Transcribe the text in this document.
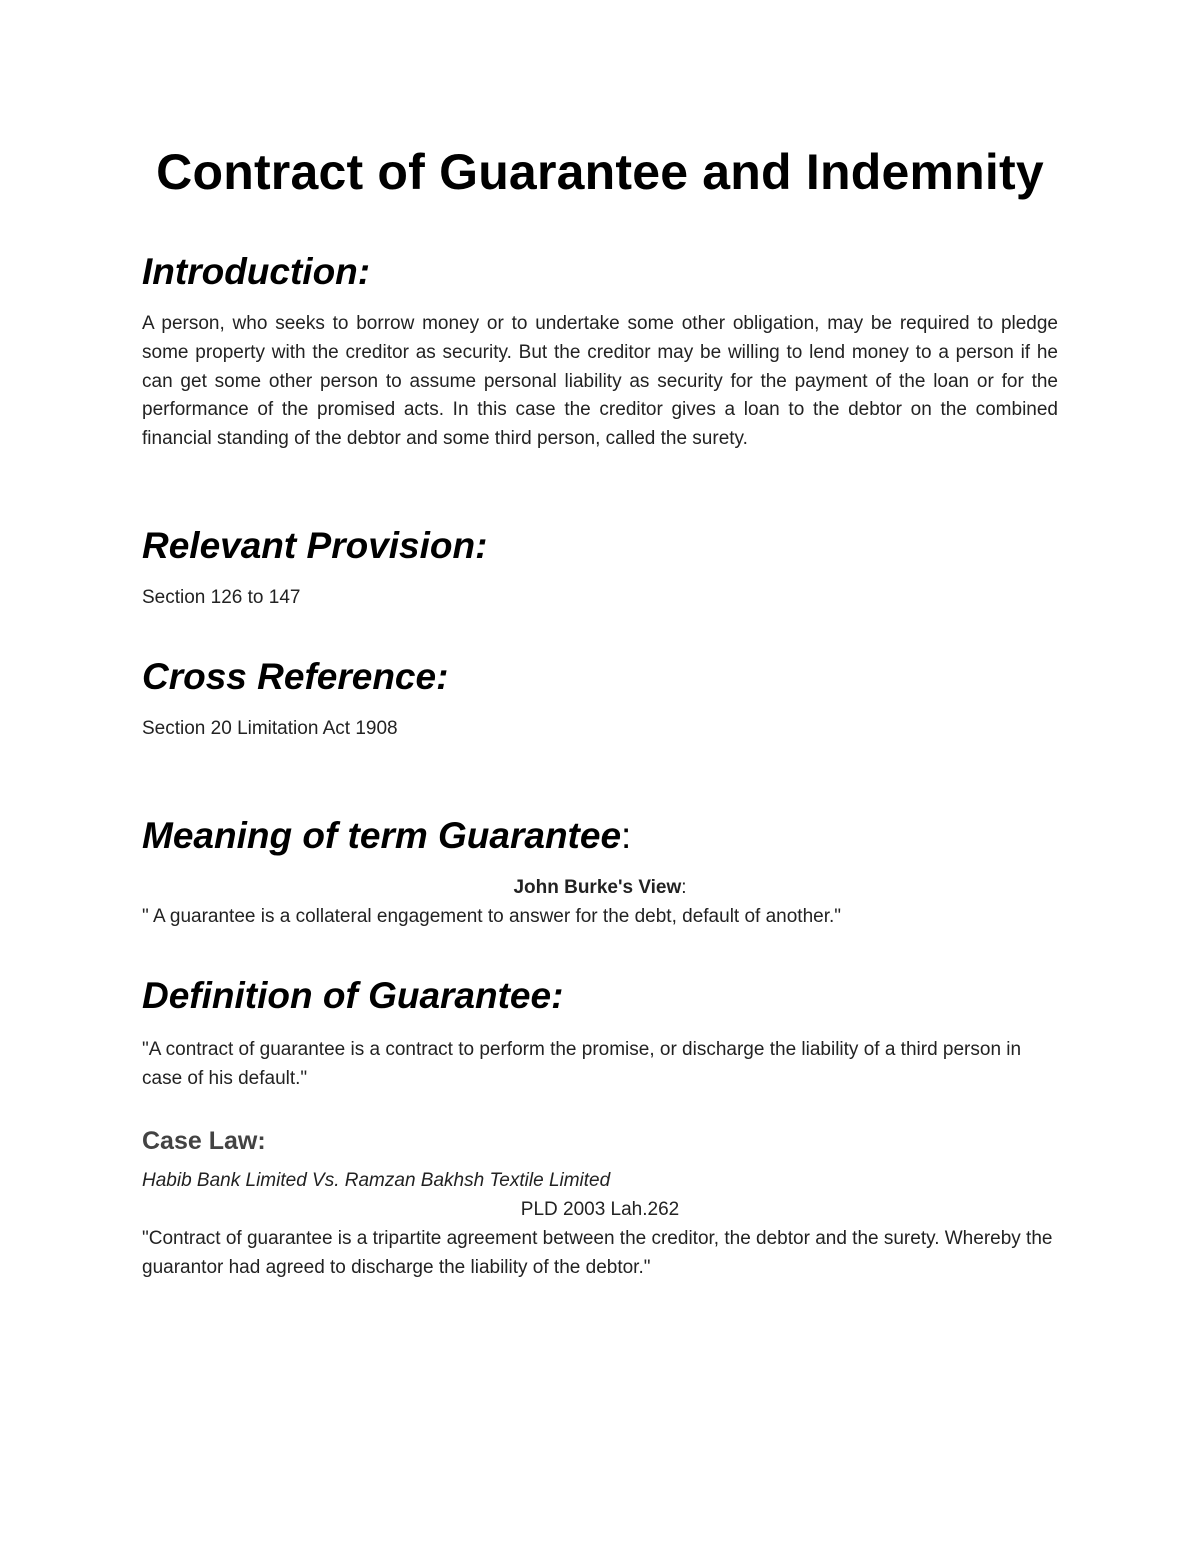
Contract of Guarantee and Indemnity
Introduction:

A person, who seeks to borrow money or to undertake some other obligation, may be required to pledge some property with the creditor as security. But the creditor may be willing to lend money to a person if he can get some other person to assume personal liability as security for the payment of the loan or for the performance of the promised acts. In this case the creditor gives a loan to the debtor on the combined financial standing of the debtor and some third person, called the surety.

Relevant Provision:

Section 126 to 147

Cross Reference:

Section 20 Limitation Act 1908

Meaning of term Guarantee:

John Burke's View:

" A guarantee is a collateral engagement to answer for the debt, default of another."

Definition of Guarantee:

"A contract of guarantee is a contract to perform the promise, or discharge the liability of a third person in case of his default."

Case Law:

Habib Bank Limited Vs. Ramzan Bakhsh Textile Limited

PLD 2003 Lah.262

"Contract of guarantee is a tripartite agreement between the creditor, the debtor and the surety. Whereby the guarantor had agreed to discharge the liability of the debtor."
